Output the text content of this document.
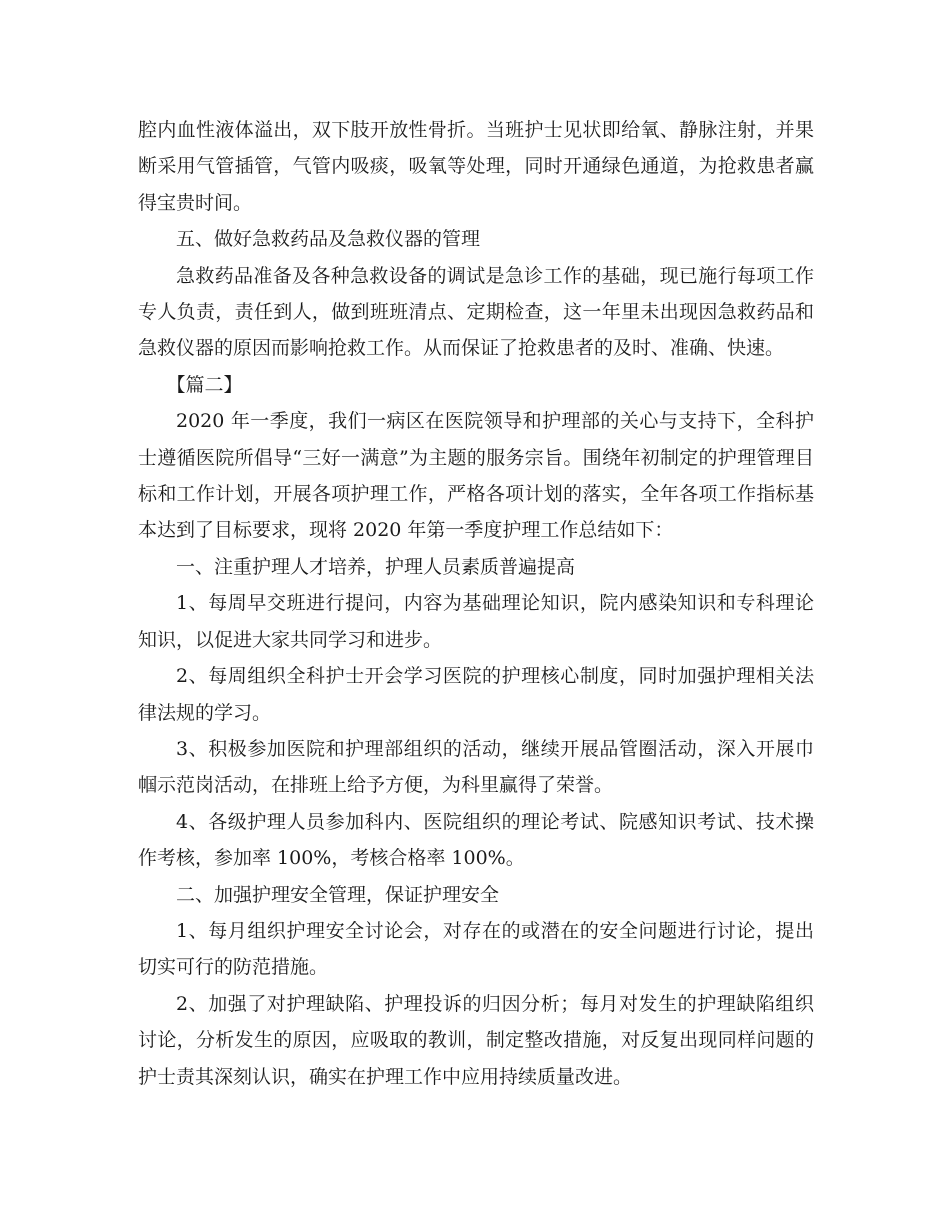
腔内血性液体溢出，双下肢开放性骨折。当班护士见状即给氧、静脉注射，并果断采用气管插管，气管内吸痰，吸氧等处理，同时开通绿色通道，为抢救患者赢得宝贵时间。

五、做好急救药品及急救仪器的管理

急救药品准备及各种急救设备的调试是急诊工作的基础，现已施行每项工作专人负责，责任到人，做到班班清点、定期检查，这一年里未出现因急救药品和急救仪器的原因而影响抢救工作。从而保证了抢救患者的及时、准确、快速。

【篇二】

2020 年一季度，我们一病区在医院领导和护理部的关心与支持下，全科护士遵循医院所倡导“三好一满意”为主题的服务宗旨。围绕年初制定的护理管理目标和工作计划，开展各项护理工作，严格各项计划的落实，全年各项工作指标基本达到了目标要求，现将 2020 年第一季度护理工作总结如下：

一、注重护理人才培养，护理人员素质普遍提高

1、每周早交班进行提问，内容为基础理论知识，院内感染知识和专科理论知识，以促进大家共同学习和进步。

2、每周组织全科护士开会学习医院的护理核心制度，同时加强护理相关法律法规的学习。

3、积极参加医院和护理部组织的活动，继续开展品管圈活动，深入开展巾帼示范岗活动，在排班上给予方便，为科里赢得了荣誉。

4、各级护理人员参加科内、医院组织的理论考试、院感知识考试、技术操作考核，参加率 100%，考核合格率 100%。

二、加强护理安全管理，保证护理安全

1、每月组织护理安全讨论会，对存在的或潜在的安全问题进行讨论，提出切实可行的防范措施。

2、加强了对护理缺陷、护理投诉的归因分析；每月对发生的护理缺陷组织讨论，分析发生的原因，应吸取的教训，制定整改措施，对反复出现同样问题的护士责其深刻认识，确实在护理工作中应用持续质量改进。
